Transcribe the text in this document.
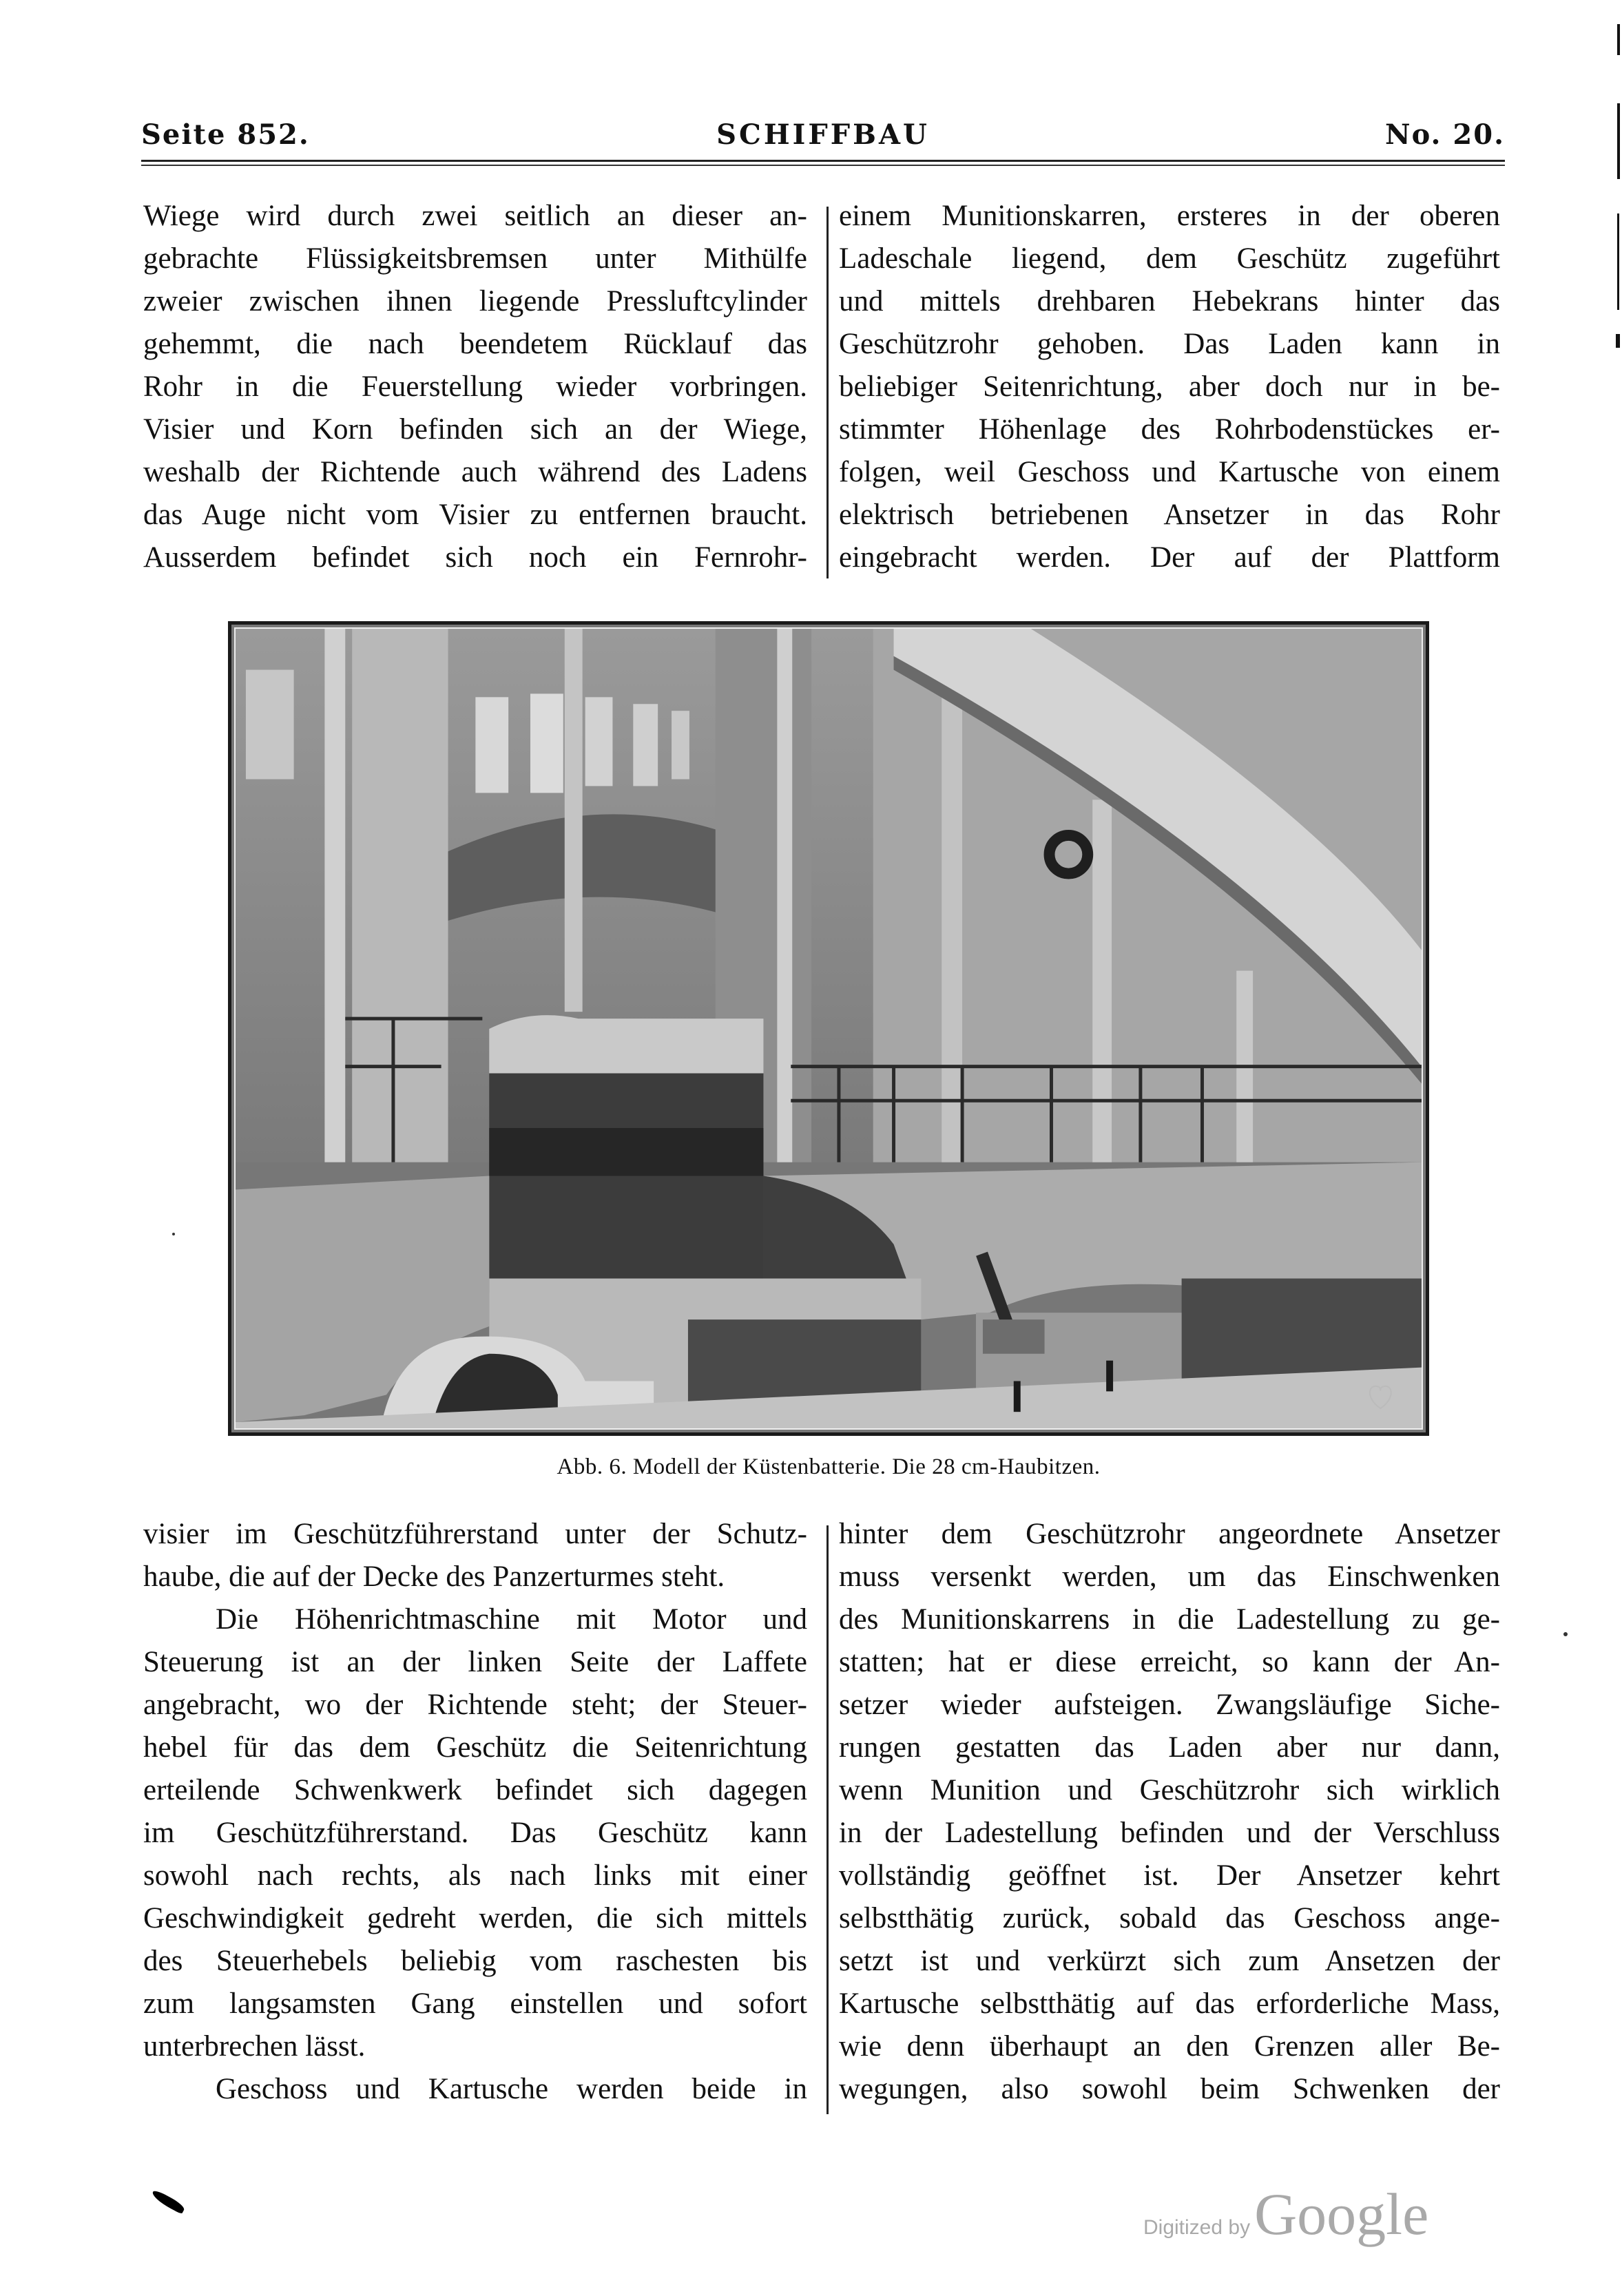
Seite 852.	SCHIFFBAU	No. 20.
Wiege wird durch zwei seitlich an dieser an-
gebrachte Flüssigkeitsbremsen unter Mithülfe
zweier zwischen ihnen liegende Pressluftcylinder
gehemmt, die nach beendetem Rücklauf das
Rohr in die Feuerstellung wieder vorbringen.
Visier und Korn befinden sich an der Wiege,
weshalb der Richtende auch während des Ladens
das Auge nicht vom Visier zu entfernen braucht.
Ausserdem befindet sich noch ein Fernrohr-
einem Munitionskarren, ersteres in der oberen
Ladeschale liegend, dem Geschütz zugeführt
und mittels drehbaren Hebekrans hinter das
Geschützrohr gehoben. Das Laden kann in
beliebiger Seitenrichtung, aber doch nur in be-
stimmter Höhenlage des Rohrbodenstückes er-
folgen, weil Geschoss und Kartusche von einem
elektrisch betriebenen Ansetzer in das Rohr
eingebracht werden. Der auf der Plattform
Abb. 6. Modell der Küstenbatterie. Die 28 cm-Haubitzen.
visier im Geschützführerstand unter der Schutz-
haube, die auf der Decke des Panzerturmes steht.
Die Höhenrichtmaschine mit Motor und
Steuerung ist an der linken Seite der Laffete
angebracht, wo der Richtende steht; der Steuer-
hebel für das dem Geschütz die Seitenrichtung
erteilende Schwenkwerk befindet sich dagegen
im Geschützführerstand. Das Geschütz kann
sowohl nach rechts, als nach links mit einer
Geschwindigkeit gedreht werden, die sich mittels
des Steuerhebels beliebig vom raschesten bis
zum langsamsten Gang einstellen und sofort
unterbrechen lässt.
Geschoss und Kartusche werden beide in
hinter dem Geschützrohr angeordnete Ansetzer
muss versenkt werden, um das Einschwenken
des Munitionskarrens in die Ladestellung zu ge-
statten; hat er diese erreicht, so kann der An-
setzer wieder aufsteigen. Zwangsläufige Siche-
rungen gestatten das Laden aber nur dann,
wenn Munition und Geschützrohr sich wirklich
in der Ladestellung befinden und der Verschluss
vollständig geöffnet ist. Der Ansetzer kehrt
selbstthätig zurück, sobald das Geschoss ange-
setzt ist und verkürzt sich zum Ansetzen der
Kartusche selbstthätig auf das erforderliche Mass,
wie denn überhaupt an den Grenzen aller Be-
wegungen, also sowohl beim Schwenken der
Digitized byGoogle
